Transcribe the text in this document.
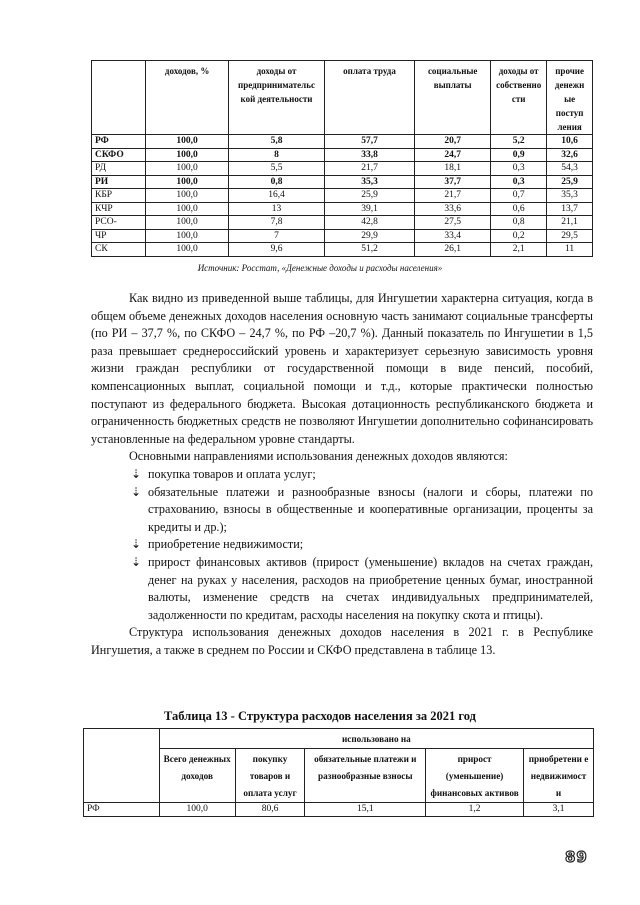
	доходов, %	доходы от предпринимательс кой деятельности	оплата труда	социальные выплаты	доходы от собственно сти	прочие денежн ые поступ ления
РФ	100,0	5,8	57,7	20,7	5,2	10,6
СКФО	100,0	8	33,8	24,7	0,9	32,6
РД	100,0	5,5	21,7	18,1	0,3	54,3
РИ	100,0	0,8	35,3	37,7	0,3	25,9
КБР	100,0	16,4	25,9	21,7	0,7	35,3
КЧР	100,0	13	39,1	33,6	0,6	13,7
РСО-	100,0	7,8	42,8	27,5	0,8	21,1
ЧР	100,0	7	29,9	33,4	0,2	29,5
СК	100,0	9,6	51,2	26,1	2,1	11
Источник: Росстат, «Денежные доходы и расходы населения»

Как видно из приведенной выше таблицы, для Ингушетии характерна ситуация, когда в общем объеме денежных доходов населения основную часть занимают социальные трансферты (по РИ – 37,7 %, по СКФО – 24,7 %, по РФ –20,7 %). Данный показатель по Ингушетии в 1,5 раза превышает среднероссийский уровень и характеризует серьезную зависимость уровня жизни граждан республики от государственной помощи в виде пенсий, пособий, компенсационных выплат, социальной помощи и т.д., которые практически полностью поступают из федерального бюджета. Высокая дотационность республиканского бюджета и ограниченность бюджетных средств не позволяют Ингушетии дополнительно софинансировать установленные на федеральном уровне стандарты.

Основными направлениями использования денежных доходов являются:

⇣ покупка товаров и оплата услуг;
⇣ обязательные платежи и разнообразные взносы (налоги и сборы, платежи по страхованию, взносы в общественные и кооперативные организации, проценты за кредиты и др.);
⇣ приобретение недвижимости;
⇣ прирост финансовых активов (прирост (уменьшение) вкладов на счетах граждан, денег на руках у населения, расходов на приобретение ценных бумаг, иностранной валюты, изменение средств на счетах индивидуальных предпринимателей, задолженности по кредитам, расходы населения на покупку скота и птицы).

Структура использования денежных доходов населения в 2021 г. в Республике Ингушетия, а также в среднем по России и СКФО представлена в таблице 13.

Таблица 13 - Структура расходов населения за 2021 год
	использовано на				
	Всего денежных доходов	покупку товаров и оплата услуг	обязательные платежи и разнообразные взносы	прирост (уменьшение) финансовых активов	приобретени е недвижимост и
РФ	100,0	80,6	15,1	1,2	3,1
89
